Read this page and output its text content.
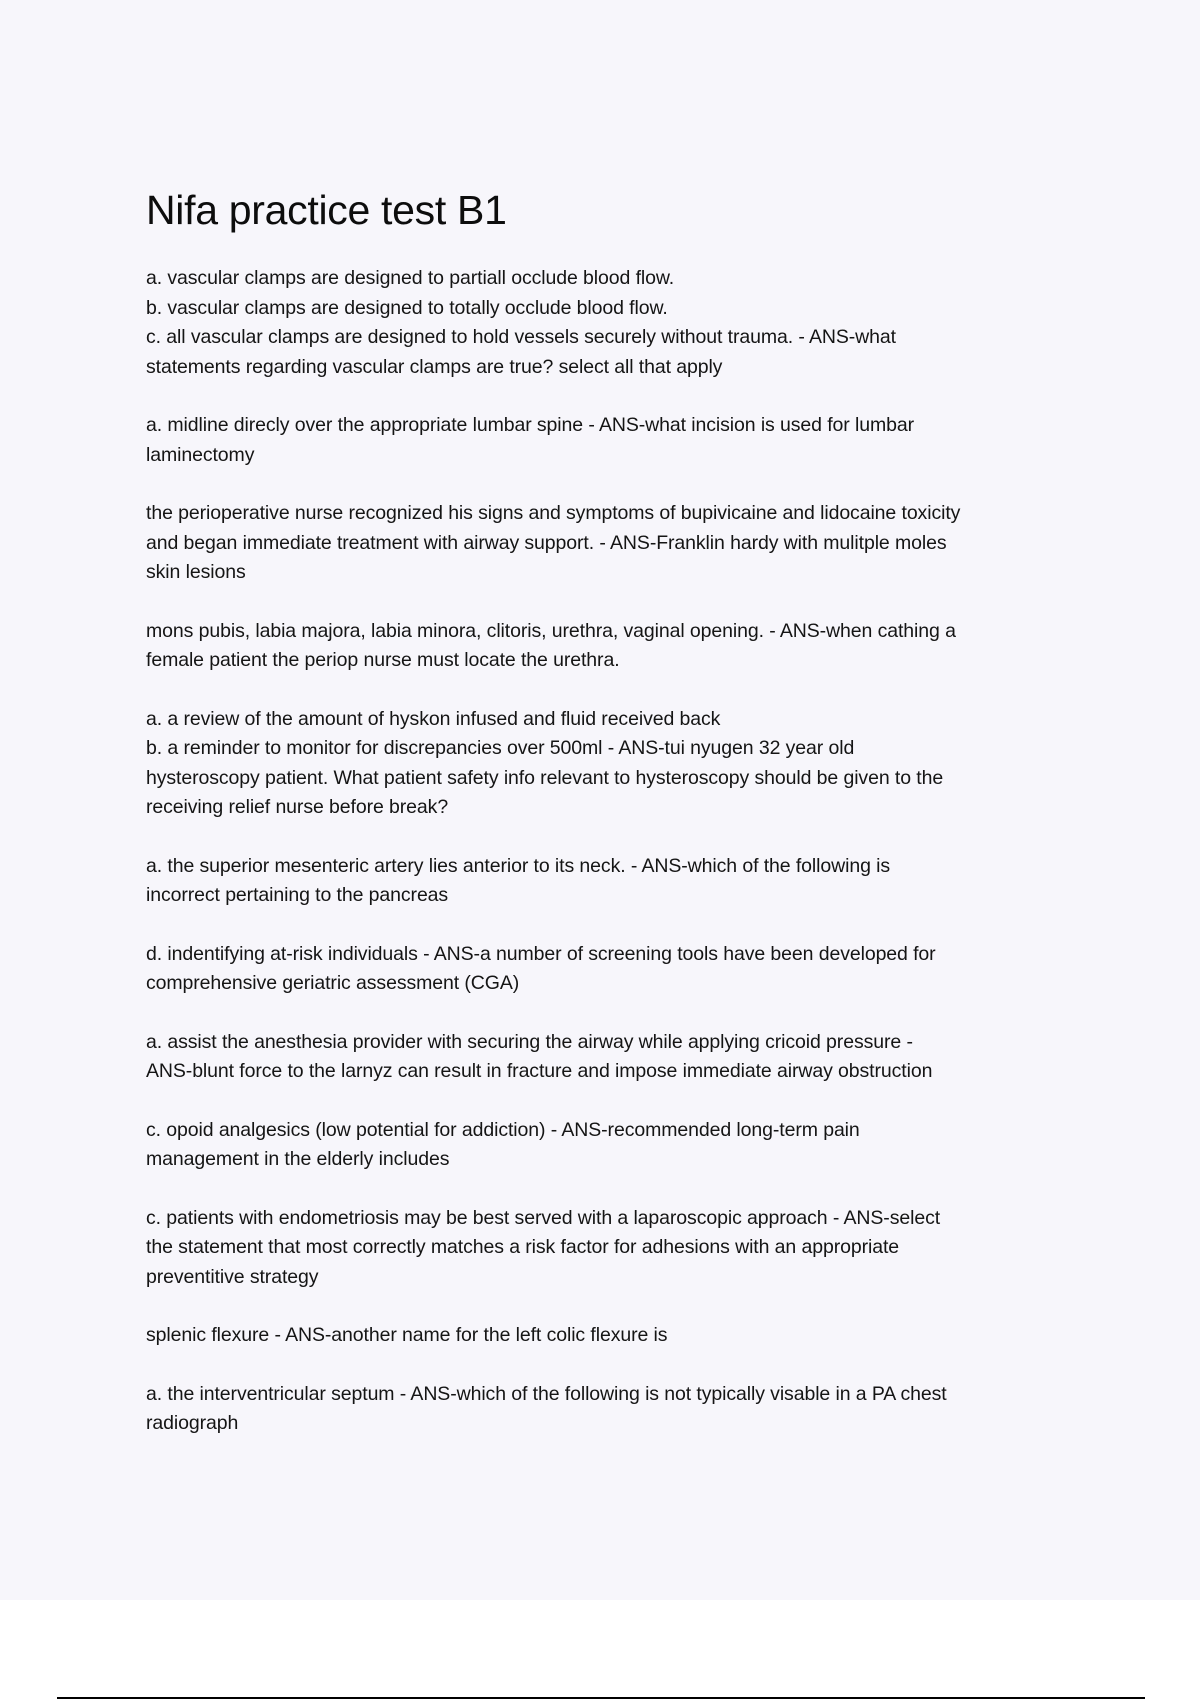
Nifa practice test B1

a. vascular clamps are designed to partiall occlude blood flow.
b. vascular clamps are designed to totally occlude blood flow.
c. all vascular clamps are designed to hold vessels securely without trauma. - ANS-what
statements regarding vascular clamps are true? select all that apply

a. midline direcly over the appropriate lumbar spine - ANS-what incision is used for lumbar
laminectomy

the perioperative nurse recognized his signs and symptoms of bupivicaine and lidocaine toxicity
and began immediate treatment with airway support. - ANS-Franklin hardy with mulitple moles
skin lesions

mons pubis, labia majora, labia minora, clitoris, urethra, vaginal opening. - ANS-when cathing a
female patient the periop nurse must locate the urethra.

a. a review of the amount of hyskon infused and fluid received back
b. a reminder to monitor for discrepancies over 500ml - ANS-tui nyugen 32 year old
hysteroscopy patient. What patient safety info relevant to hysteroscopy should be given to the
receiving relief nurse before break?

a. the superior mesenteric artery lies anterior to its neck. - ANS-which of the following is
incorrect pertaining to the pancreas

d. indentifying at-risk individuals - ANS-a number of screening tools have been developed for
comprehensive geriatric assessment (CGA)

a. assist the anesthesia provider with securing the airway while applying cricoid pressure -
ANS-blunt force to the larnyz can result in fracture and impose immediate airway obstruction

c. opoid analgesics (low potential for addiction) - ANS-recommended long-term pain
management in the elderly includes

c. patients with endometriosis may be best served with a laparoscopic approach - ANS-select
the statement that most correctly matches a risk factor for adhesions with an appropriate
preventitive strategy

splenic flexure - ANS-another name for the left colic flexure is

a. the interventricular septum - ANS-which of the following is not typically visable in a PA chest
radiograph
